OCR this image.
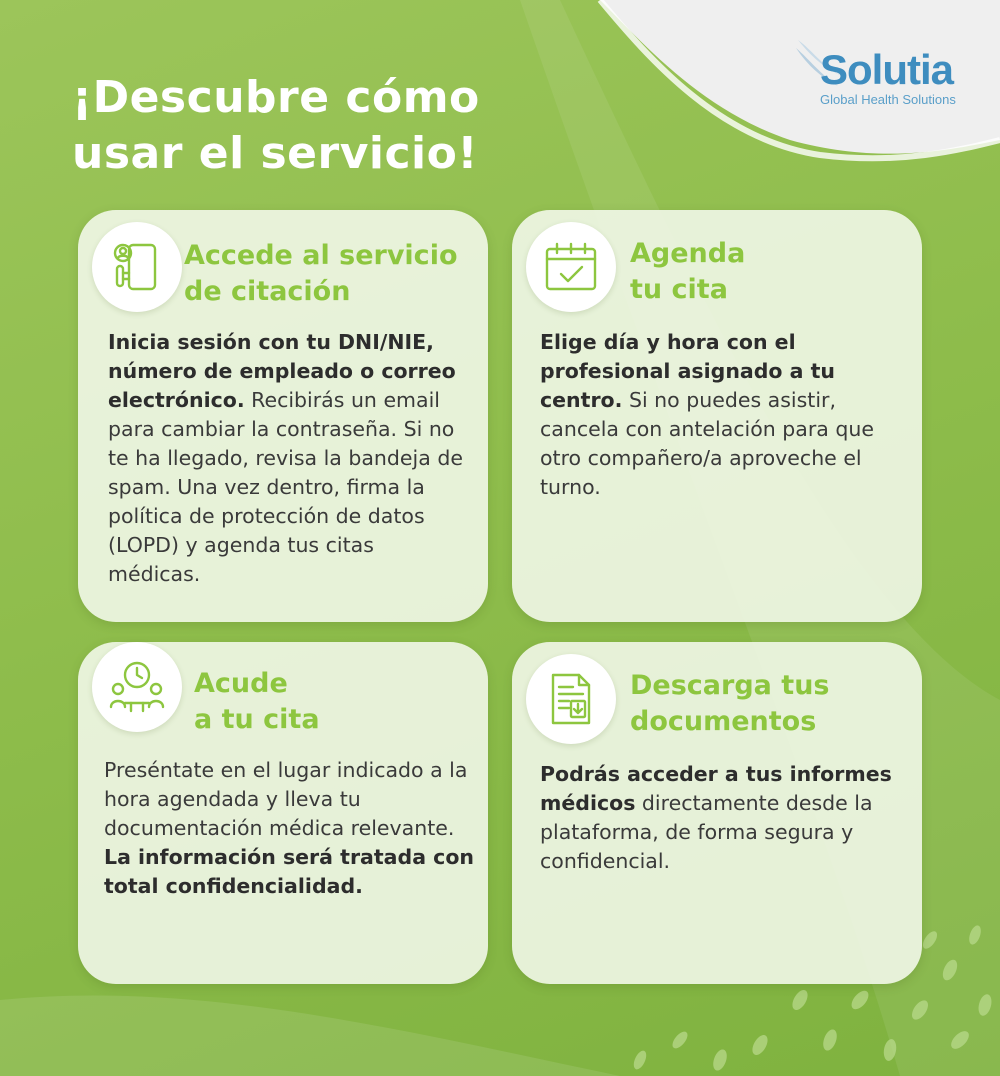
¡Descubre cómo
usar el servicio!
Solutia
Global Health Solutions
Accede al servicio
de citación

Inicia sesión con tu DNI/NIE, número de empleado o correo electrónico. Recibirás un email para cambiar la contraseña. Si no te ha llegado, revisa la bandeja de spam. Una vez dentro, firma la política de protección de datos (LOPD) y agenda tus citas médicas.

Agenda
tu cita

Elige día y hora con el profesional asignado a tu centro. Si no puedes asistir, cancela con antelación para que otro compañero/a aproveche el turno.

Acude
a tu cita

Preséntate en el lugar indicado a la hora agendada y lleva tu documentación médica relevante. La información será tratada con total confidencialidad.

Descarga tus
documentos

Podrás acceder a tus informes médicos directamente desde la plataforma, de forma segura y confidencial.
